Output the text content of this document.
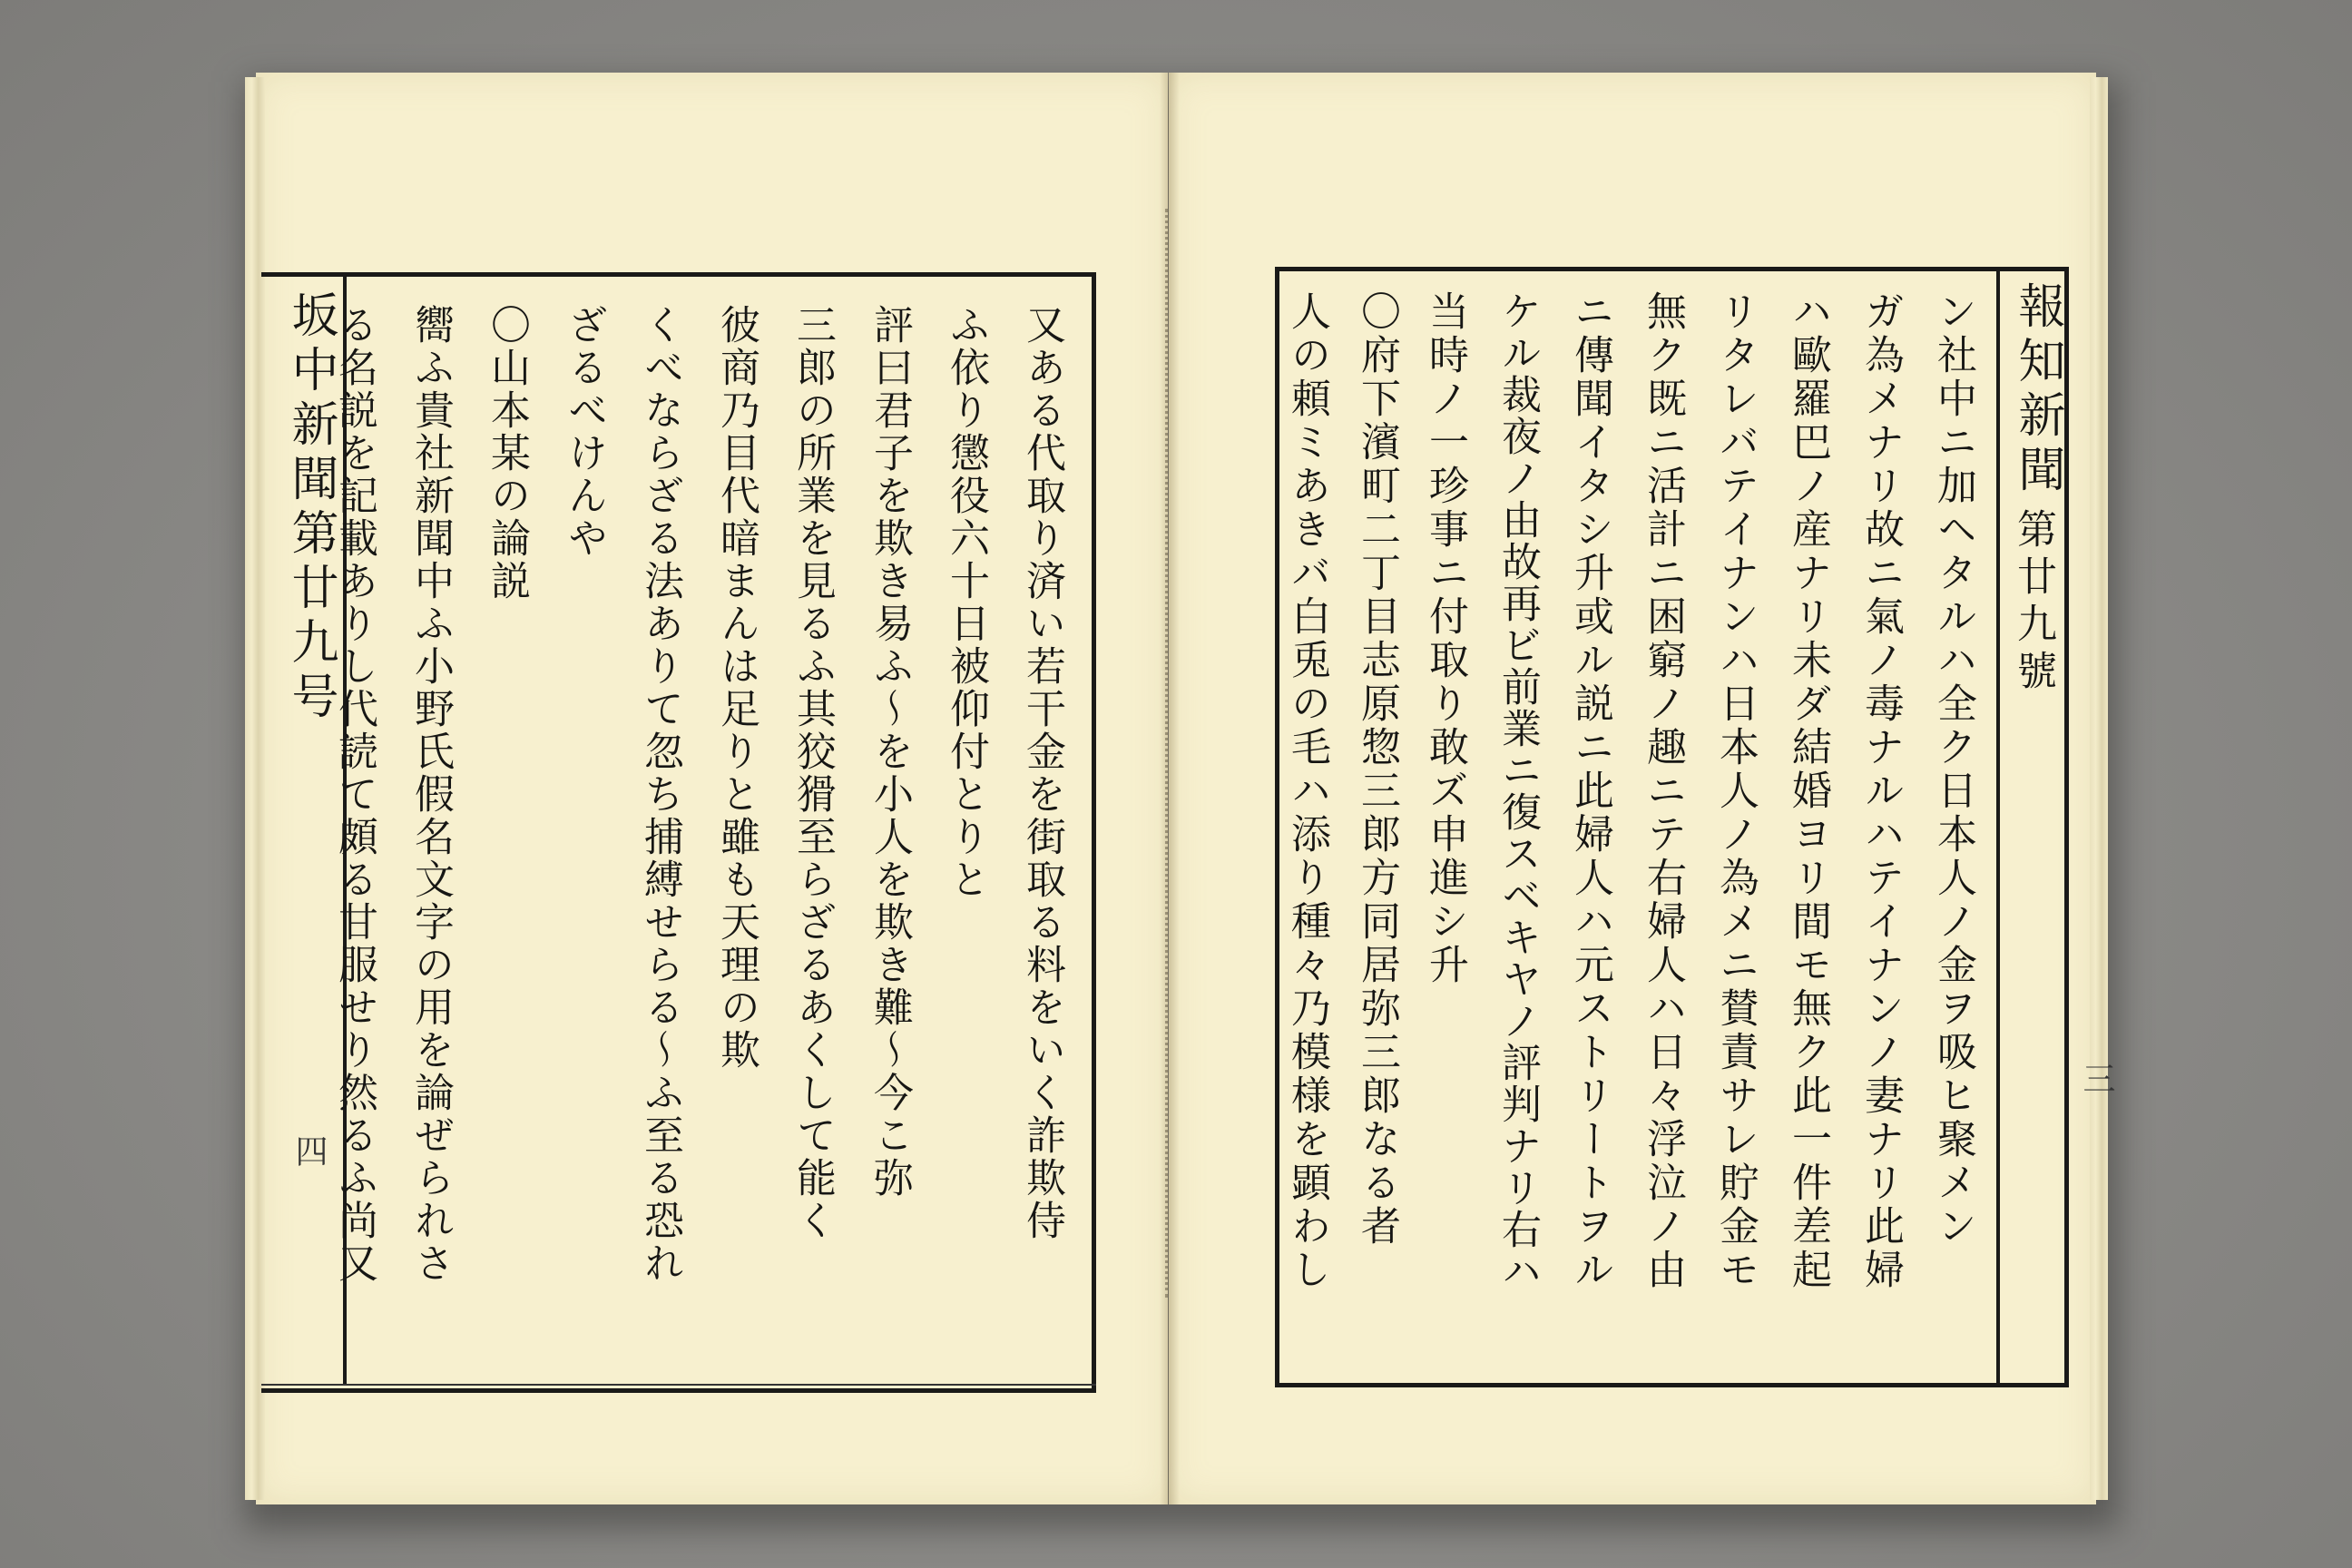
坂中新聞第廿九号
四	又ある代取り済い若干金を街取る料をいく詐欺侍
ふ依り懲役六十日被仰付とりと
評曰君子を欺き易ふ〜を小人を欺き難〜今こ弥
三郎の所業を見るふ其狡猾至らざるあくして能く
彼商乃目代暗まんは足りと雖も天理の欺
くべならざる法ありて忽ち捕縛せらる〜ふ至る恐れ
ざるべけんや
〇山本某の論説
嚮ふ貴社新聞中ふ小野氏假名文字の用を論ぜられさ	報知新聞
第廿九號
三
ン社中ニ加ヘタルハ全ク日本人ノ金ヲ吸ヒ聚メン
ガ為メナリ故ニ氣ノ毒ナルハテイナンノ妻ナリ此婦
ハ歐羅巴ノ産ナリ未ダ結婚ヨリ間モ無ク此一件差起
リタレバテイナンハ日本人ノ為メニ賛責サレ貯金モ
無ク既ニ活計ニ困窮ノ趣ニテ右婦人ハ日々浮泣ノ由
ニ傳聞イタシ升或ル説ニ此婦人ハ元ストリートヲル
ケル裁夜ノ由故再ビ前業ニ復スベキヤノ評判ナリ右ハ
当時ノ一珍事ニ付取り敢ズ申進シ升
〇府下濱町二丁目志原惣三郎方同居弥三郎なる者
人の頼ミあきバ白兎の毛ハ添り種々乃模様を顕わし
る名説を記載ありし代読て頗る甘服せり然るふ尚又
